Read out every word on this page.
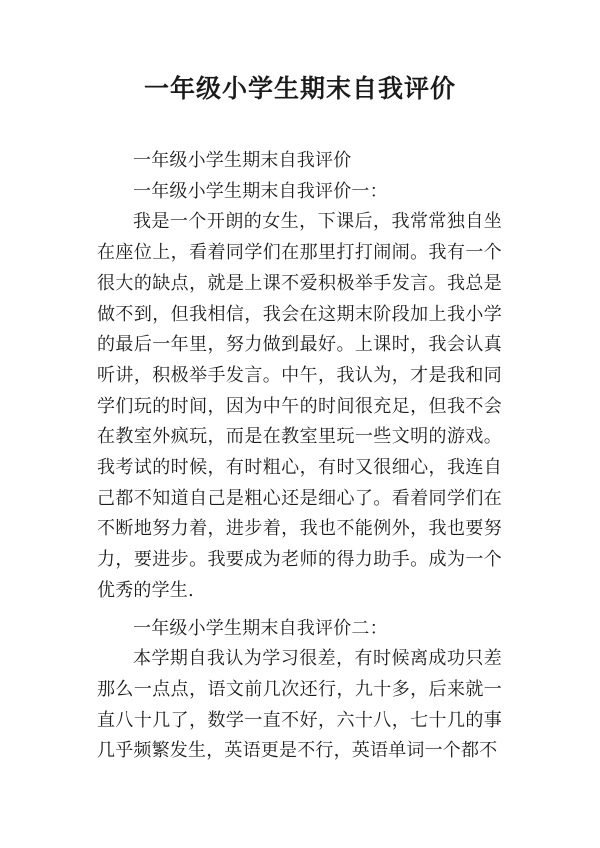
一年级小学生期末自我评价

一年级小学生期末自我评价

一年级小学生期末自我评价一：

我是一个开朗的女生，下课后，我常常独自坐在座位上，看着同学们在那里打打闹闹。我有一个很大的缺点，就是上课不爱积极举手发言。我总是做不到，但我相信，我会在这期末阶段加上我小学的最后一年里，努力做到最好。上课时，我会认真听讲，积极举手发言。中午，我认为，才是我和同学们玩的时间，因为中午的时间很充足，但我不会在教室外疯玩，而是在教室里玩一些文明的游戏。我考试的时候，有时粗心，有时又很细心，我连自己都不知道自己是粗心还是细心了。看着同学们在不断地努力着，进步着，我也不能例外，我也要努力，要进步。我要成为老师的得力助手。成为一个优秀的学生.

一年级小学生期末自我评价二：

本学期自我认为学习很差，有时候离成功只差那么一点点，语文前几次还行，九十多，后来就一直八十几了，数学一直不好，六十八，七十几的事几乎频繁发生，英语更是不行，英语单词一个都不
